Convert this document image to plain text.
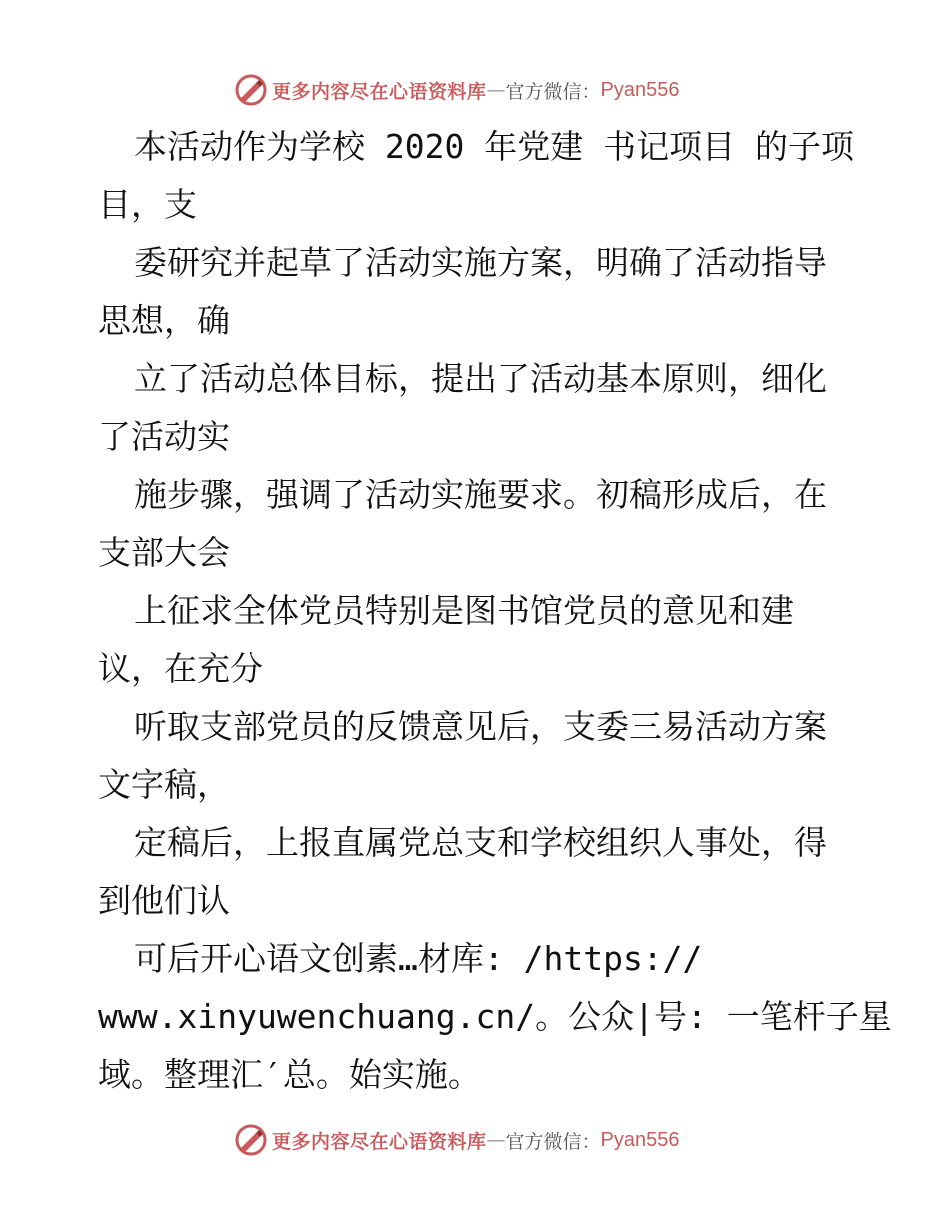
更多内容尽在心语资料库 — 官方微信： Pyan556
本活动作为学校 2020 年党建 书记项目 的子项
目，支
委研究并起草了活动实施方案，明确了活动指导
思想，确
立了活动总体目标，提出了活动基本原则，细化
了活动实
施步骤，强调了活动实施要求。初稿形成后，在
支部大会
上征求全体党员特别是图书馆党员的意见和建
议，在充分
听取支部党员的反馈意见后，支委三易活动方案
文字稿，
定稿后，上报直属党总支和学校组织人事处，得
到他们认
可后开心语文创素…材库: /https://
www.xinyuwenchuang.cn/。公众|号: 一笔杆子星
域。整理汇′总。始实施。
更多内容尽在心语资料库 — 官方微信： Pyan556
